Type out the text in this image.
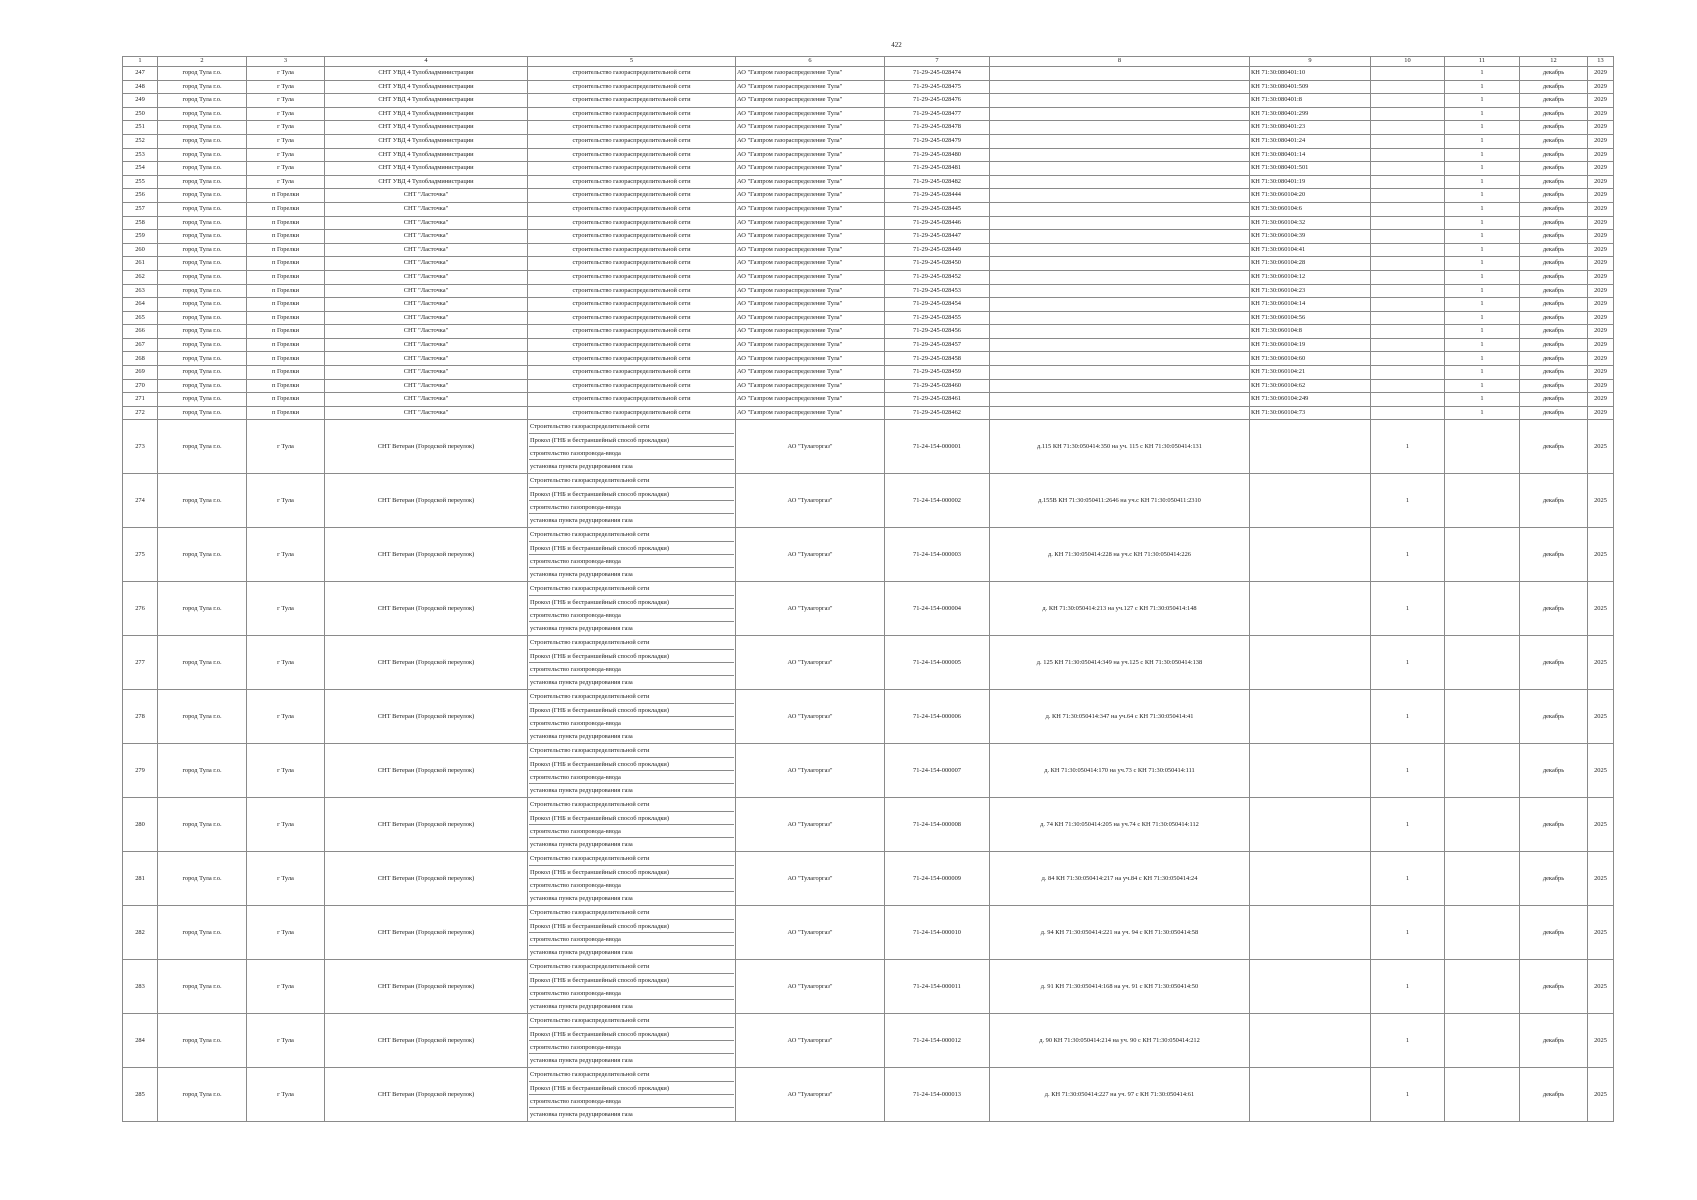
422
1	2	3	4	5	6	7	8	9	10	11	12	13
247	город Тула г.о.	г Тула	СНТ УВД 4 Тулобладминистрации	строительство газораспределительной сети	АО "Газпром газораспределение Тула"	71-29-245-028474		КН 71:30:080401:10		1	декабрь	2029
248	город Тула г.о.	г Тула	СНТ УВД 4 Тулобладминистрации	строительство газораспределительной сети	АО "Газпром газораспределение Тула"	71-29-245-028475		КН 71:30:080401:509		1	декабрь	2029
249	город Тула г.о.	г Тула	СНТ УВД 4 Тулобладминистрации	строительство газораспределительной сети	АО "Газпром газораспределение Тула"	71-29-245-028476		КН 71:30:080401:8		1	декабрь	2029
250	город Тула г.о.	г Тула	СНТ УВД 4 Тулобладминистрации	строительство газораспределительной сети	АО "Газпром газораспределение Тула"	71-29-245-028477		КН 71:30:080401:299		1	декабрь	2029
251	город Тула г.о.	г Тула	СНТ УВД 4 Тулобладминистрации	строительство газораспределительной сети	АО "Газпром газораспределение Тула"	71-29-245-028478		КН 71:30:080401:23		1	декабрь	2029
252	город Тула г.о.	г Тула	СНТ УВД 4 Тулобладминистрации	строительство газораспределительной сети	АО "Газпром газораспределение Тула"	71-29-245-028479		КН 71:30:080401:24		1	декабрь	2029
253	город Тула г.о.	г Тула	СНТ УВД 4 Тулобладминистрации	строительство газораспределительной сети	АО "Газпром газораспределение Тула"	71-29-245-028480		КН 71:30:080401:14		1	декабрь	2029
254	город Тула г.о.	г Тула	СНТ УВД 4 Тулобладминистрации	строительство газораспределительной сети	АО "Газпром газораспределение Тула"	71-29-245-028481		КН 71:30:080401:501		1	декабрь	2029
255	город Тула г.о.	г Тула	СНТ УВД 4 Тулобладминистрации	строительство газораспределительной сети	АО "Газпром газораспределение Тула"	71-29-245-028482		КН 71:30:080401:19		1	декабрь	2029
256	город Тула г.о.	п Горелки	СНТ "Ласточка"	строительство газораспределительной сети	АО "Газпром газораспределение Тула"	71-29-245-028444		КН 71:30:060104:20		1	декабрь	2029
257	город Тула г.о.	п Горелки	СНТ "Ласточка"	строительство газораспределительной сети	АО "Газпром газораспределение Тула"	71-29-245-028445		КН 71:30:060104:6		1	декабрь	2029
258	город Тула г.о.	п Горелки	СНТ "Ласточка"	строительство газораспределительной сети	АО "Газпром газораспределение Тула"	71-29-245-028446		КН 71:30:060104:32		1	декабрь	2029
259	город Тула г.о.	п Горелки	СНТ "Ласточка"	строительство газораспределительной сети	АО "Газпром газораспределение Тула"	71-29-245-028447		КН 71:30:060104:39		1	декабрь	2029
260	город Тула г.о.	п Горелки	СНТ "Ласточка"	строительство газораспределительной сети	АО "Газпром газораспределение Тула"	71-29-245-028449		КН 71:30:060104:41		1	декабрь	2029
261	город Тула г.о.	п Горелки	СНТ "Ласточка"	строительство газораспределительной сети	АО "Газпром газораспределение Тула"	71-29-245-028450		КН 71:30:060104:28		1	декабрь	2029
262	город Тула г.о.	п Горелки	СНТ "Ласточка"	строительство газораспределительной сети	АО "Газпром газораспределение Тула"	71-29-245-028452		КН 71:30:060104:12		1	декабрь	2029
263	город Тула г.о.	п Горелки	СНТ "Ласточка"	строительство газораспределительной сети	АО "Газпром газораспределение Тула"	71-29-245-028453		КН 71:30:060104:23		1	декабрь	2029
264	город Тула г.о.	п Горелки	СНТ "Ласточка"	строительство газораспределительной сети	АО "Газпром газораспределение Тула"	71-29-245-028454		КН 71:30:060104:14		1	декабрь	2029
265	город Тула г.о.	п Горелки	СНТ "Ласточка"	строительство газораспределительной сети	АО "Газпром газораспределение Тула"	71-29-245-028455		КН 71:30:060104:56		1	декабрь	2029
266	город Тула г.о.	п Горелки	СНТ "Ласточка"	строительство газораспределительной сети	АО "Газпром газораспределение Тула"	71-29-245-028456		КН 71:30:060104:8		1	декабрь	2029
267	город Тула г.о.	п Горелки	СНТ "Ласточка"	строительство газораспределительной сети	АО "Газпром газораспределение Тула"	71-29-245-028457		КН 71:30:060104:19		1	декабрь	2029
268	город Тула г.о.	п Горелки	СНТ "Ласточка"	строительство газораспределительной сети	АО "Газпром газораспределение Тула"	71-29-245-028458		КН 71:30:060104:60		1	декабрь	2029
269	город Тула г.о.	п Горелки	СНТ "Ласточка"	строительство газораспределительной сети	АО "Газпром газораспределение Тула"	71-29-245-028459		КН 71:30:060104:21		1	декабрь	2029
270	город Тула г.о.	п Горелки	СНТ "Ласточка"	строительство газораспределительной сети	АО "Газпром газораспределение Тула"	71-29-245-028460		КН 71:30:060104:62		1	декабрь	2029
271	город Тула г.о.	п Горелки	СНТ "Ласточка"	строительство газораспределительной сети	АО "Газпром газораспределение Тула"	71-29-245-028461		КН 71:30:060104:249		1	декабрь	2029
272	город Тула г.о.	п Горелки	СНТ "Ласточка"	строительство газораспределительной сети	АО "Газпром газораспределение Тула"	71-29-245-028462		КН 71:30:060104:73		1	декабрь	2029
273	город Тула г.о.	г Тула	СНТ Ветеран (Городской переулок)	Строительство газораспределительной сети
Прокол (ГНБ и бестраншейный способ прокладки)
строительство газопровода-ввода
установка пункта редуцирования газа	АО "Тулагоргаз"	71-24-154-000001	д.115 КН 71:30:050414:350 на уч. 115 с КН 71:30:050414:131		1		декабрь	2025
274	город Тула г.о.	г Тула	СНТ Ветеран (Городской переулок)	Строительство газораспределительной сети
Прокол (ГНБ и бестраншейный способ прокладки)
строительство газопровода-ввода
установка пункта редуцирования газа	АО "Тулагоргаз"	71-24-154-000002	д.155В КН 71:30:050411:2646 на уч.с КН 71:30:050411:2310		1		декабрь	2025
275	город Тула г.о.	г Тула	СНТ Ветеран (Городской переулок)	Строительство газораспределительной сети
Прокол (ГНБ и бестраншейный способ прокладки)
строительство газопровода-ввода
установка пункта редуцирования газа	АО "Тулагоргаз"	71-24-154-000003	д. КН 71:30:050414:228 на уч.с КН 71:30:050414:226		1		декабрь	2025
276	город Тула г.о.	г Тула	СНТ Ветеран (Городской переулок)	Строительство газораспределительной сети
Прокол (ГНБ и бестраншейный способ прокладки)
строительство газопровода-ввода
установка пункта редуцирования газа	АО "Тулагоргаз"	71-24-154-000004	д. КН 71:30:050414:213 на уч.127 с КН 71:30:050414:148		1		декабрь	2025
277	город Тула г.о.	г Тула	СНТ Ветеран (Городской переулок)	Строительство газораспределительной сети
Прокол (ГНБ и бестраншейный способ прокладки)
строительство газопровода-ввода
установка пункта редуцирования газа	АО "Тулагоргаз"	71-24-154-000005	д. 125 КН 71:30:050414:349 на уч.125 с КН 71:30:050414:138		1		декабрь	2025
278	город Тула г.о.	г Тула	СНТ Ветеран (Городской переулок)	Строительство газораспределительной сети
Прокол (ГНБ и бестраншейный способ прокладки)
строительство газопровода-ввода
установка пункта редуцирования газа	АО "Тулагоргаз"	71-24-154-000006	д. КН 71:30:050414:347 на уч.64 с КН 71:30:050414:41		1		декабрь	2025
279	город Тула г.о.	г Тула	СНТ Ветеран (Городской переулок)	Строительство газораспределительной сети
Прокол (ГНБ и бестраншейный способ прокладки)
строительство газопровода-ввода
установка пункта редуцирования газа	АО "Тулагоргаз"	71-24-154-000007	д. КН 71:30:050414:170 на уч.73 с КН 71:30:050414:111		1		декабрь	2025
280	город Тула г.о.	г Тула	СНТ Ветеран (Городской переулок)	Строительство газораспределительной сети
Прокол (ГНБ и бестраншейный способ прокладки)
строительство газопровода-ввода
установка пункта редуцирования газа	АО "Тулагоргаз"	71-24-154-000008	д. 74 КН 71:30:050414:205 на уч.74 с КН 71:30:050414:112		1		декабрь	2025
281	город Тула г.о.	г Тула	СНТ Ветеран (Городской переулок)	Строительство газораспределительной сети
Прокол (ГНБ и бестраншейный способ прокладки)
строительство газопровода-ввода
установка пункта редуцирования газа	АО "Тулагоргаз"	71-24-154-000009	д. 84 КН 71:30:050414:217 на уч.84 с КН 71:30:050414:24		1		декабрь	2025
282	город Тула г.о.	г Тула	СНТ Ветеран (Городской переулок)	Строительство газораспределительной сети
Прокол (ГНБ и бестраншейный способ прокладки)
строительство газопровода-ввода
установка пункта редуцирования газа	АО "Тулагоргаз"	71-24-154-000010	д. 94 КН 71:30:050414:221 на уч. 94 с КН 71:30:050414:58		1		декабрь	2025
283	город Тула г.о.	г Тула	СНТ Ветеран (Городской переулок)	Строительство газораспределительной сети
Прокол (ГНБ и бестраншейный способ прокладки)
строительство газопровода-ввода
установка пункта редуцирования газа	АО "Тулагоргаз"	71-24-154-000011	д. 91 КН 71:30:050414:168 на уч. 91 с КН 71:30:050414:50		1		декабрь	2025
284	город Тула г.о.	г Тула	СНТ Ветеран (Городской переулок)	Строительство газораспределительной сети
Прокол (ГНБ и бестраншейный способ прокладки)
строительство газопровода-ввода
установка пункта редуцирования газа	АО "Тулагоргаз"	71-24-154-000012	д. 90 КН 71:30:050414:214 на уч. 90 с КН 71:30:050414:212		1		декабрь	2025
285	город Тула г.о.	г Тула	СНТ Ветеран (Городской переулок)	Строительство газораспределительной сети
Прокол (ГНБ и бестраншейный способ прокладки)
строительство газопровода-ввода
установка пункта редуцирования газа	АО "Тулагоргаз"	71-24-154-000013	д. КН 71:30:050414:227 на уч. 97 с КН 71:30:050414:61		1		декабрь	2025
